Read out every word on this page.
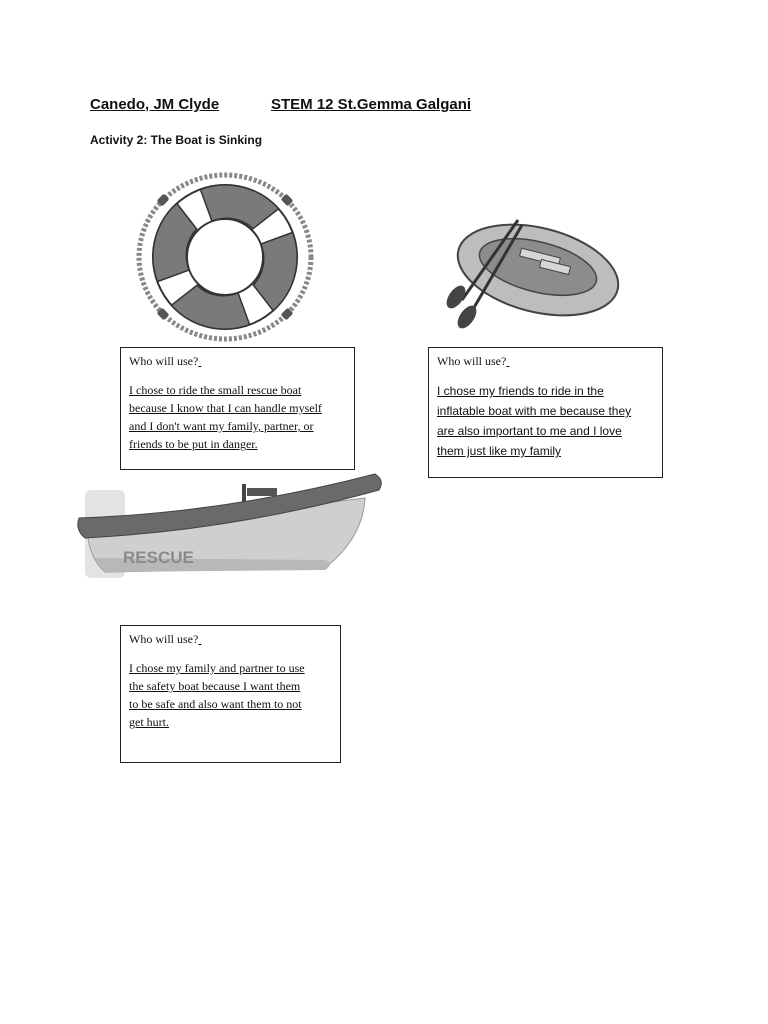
Canedo, JM Clyde	STEM 12 St.Gemma Galgani
Activity 2: The Boat is Sinking
Who will use?
I chose to ride the small rescue boat
because I know that I can handle myself
and I don't want my family, partner, or
friends to be put in danger.
Who will use?
I chose my friends to ride in the
inflatable boat with me because they
are also important to me and I love
them just like my family
RESCUE
Who will use?
I chose my family and partner to use
the safety boat because I want them
to be safe and also want them to not
get hurt.
